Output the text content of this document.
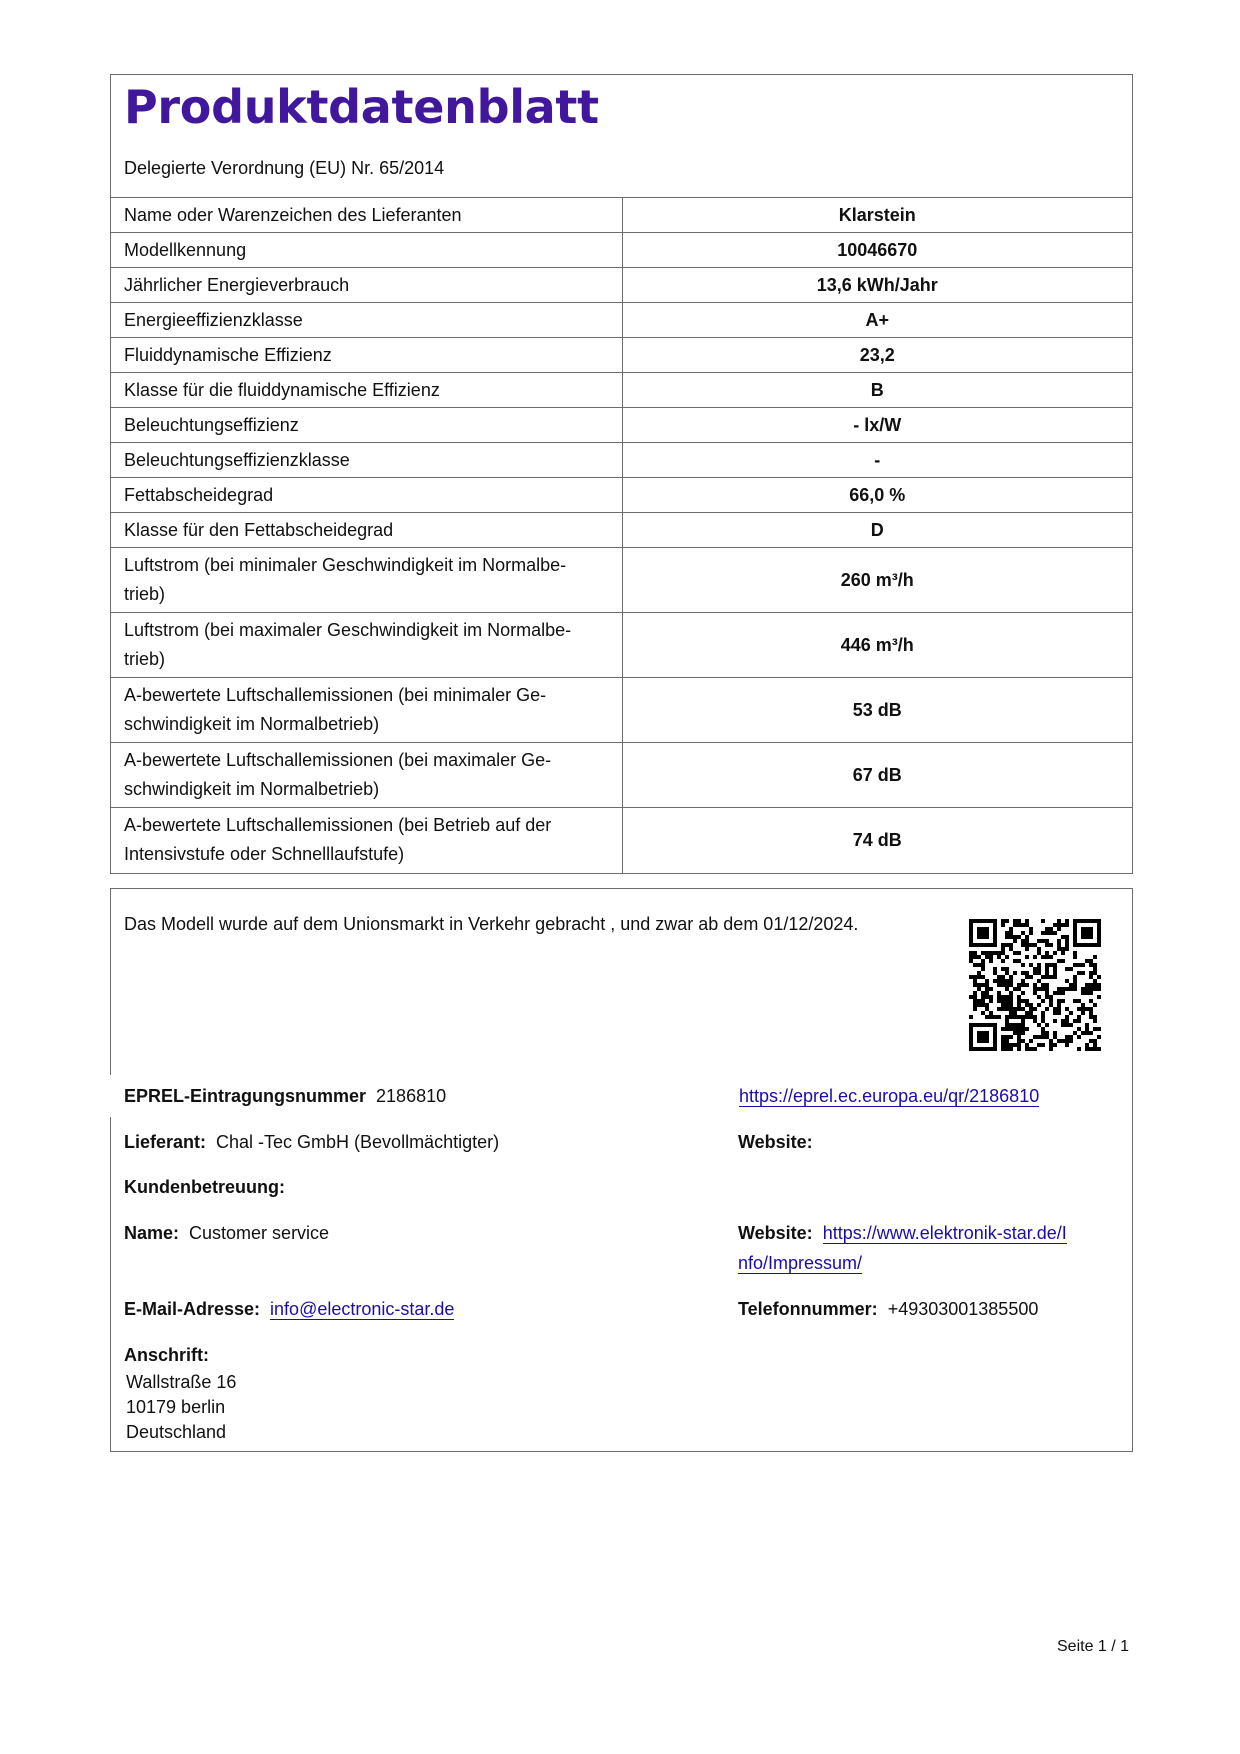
Produktdatenblatt
Delegierte Verordnung (EU) Nr. 65/2014
Name oder Warenzeichen des Lieferanten	Klarstein
Modellkennung	10046670
Jährlicher Energieverbrauch	13,6 kWh/Jahr
Energieeffizienzklasse	A+
Fluiddynamische Effizienz	23,2
Klasse für die fluiddynamische Effizienz	B
Beleuchtungseffizienz	- lx/W
Beleuchtungseffizienzklasse	-
Fettabscheidegrad	66,0 %
Klasse für den Fettabscheidegrad	D
Luftstrom (bei minimaler Geschwindigkeit im Normalbe- trieb)	260 m³/h
Luftstrom (bei maximaler Geschwindigkeit im Normalbe- trieb)	446 m³/h
A-bewertete Luftschallemissionen (bei minimaler Ge- schwindigkeit im Normalbetrieb)	53 dB
A-bewertete Luftschallemissionen (bei maximaler Ge- schwindigkeit im Normalbetrieb)	67 dB
A-bewertete Luftschallemissionen (bei Betrieb auf der Intensivstufe oder Schnelllaufstufe)	74 dB
Das Modell wurde auf dem Unionsmarkt in Verkehr gebracht , und zwar ab dem 01/12/2024.
EPREL-Eintragungsnummer 2186810	https://eprel.ec.europa.eu/qr/2186810
Lieferant: Chal -Tec GmbH (Bevollmächtigter)	Website:
Kundenbetreuung:
Name: Customer service	Website: https://www.elektronik-star.de/I
nfo/Impressum/
E-Mail-Adresse: info@electronic-star.de	Telefonnummer: +49303001385500
Anschrift:
Wallstraße 16
10179 berlin
Deutschland
Seite 1 / 1
